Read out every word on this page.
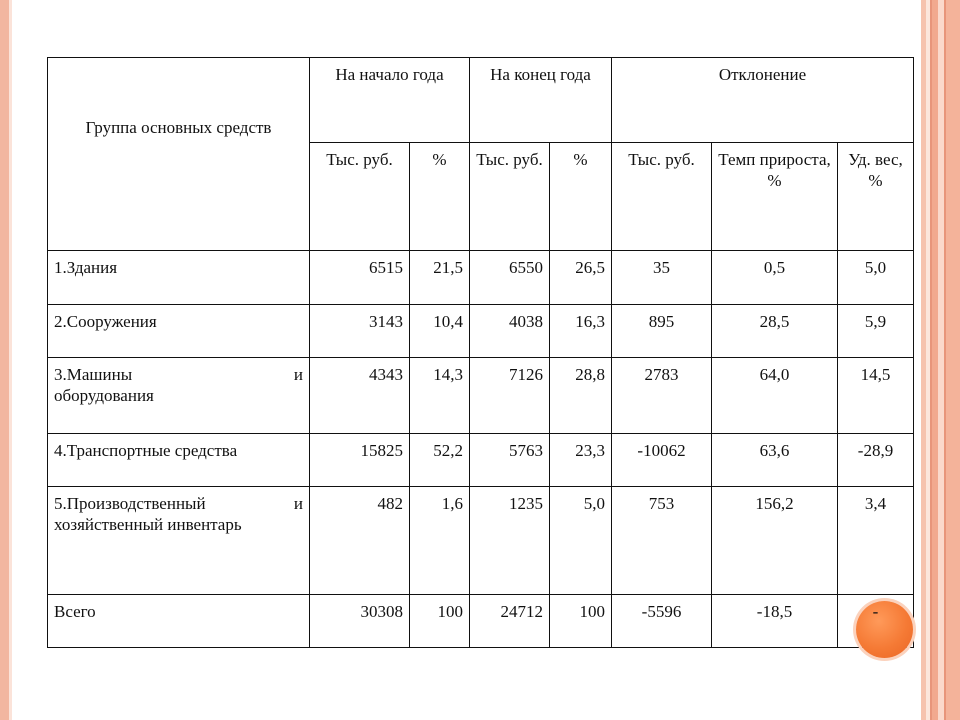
Группа основных средств	На начало года		На конец года		Отклонение		
	Тыс. руб.	%	Тыс. руб.	%	Тыс. руб.	Темп прироста, %	Уд. вес, %
1.Здания	6515	21,5	6550	26,5	35	0,5	5,0
2.Сооружения	3143	10,4	4038	16,3	895	28,5	5,9

3.Машины и
оборудования	4343	14,3	7126	28,8	2783	64,0	14,5
4.Транспортные средства	15825	52,2	5763	23,3	-10062	63,6	-28,9

5.Производственный и
хозяйственный инвентарь	482	1,6	1235	5,0	753	156,2	3,4
Всего	30308	100	24712	100	-5596	-18,5	-
